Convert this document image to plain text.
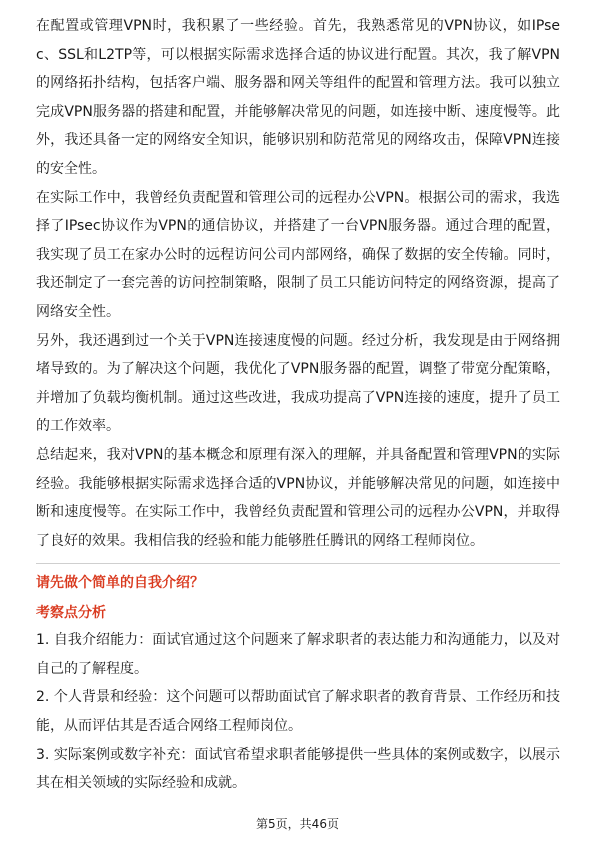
在配置或管理VPN时，我积累了一些经验。首先，我熟悉常见的VPN协议，如IPsec、SSL和L2TP等，可以根据实际需求选择合适的协议进行配置。其次，我了解VPN的网络拓扑结构，包括客户端、服务器和网关等组件的配置和管理方法。我可以独立完成VPN服务器的搭建和配置，并能够解决常见的问题，如连接中断、速度慢等。此外，我还具备一定的网络安全知识，能够识别和防范常见的网络攻击，保障VPN连接的安全性。

在实际工作中，我曾经负责配置和管理公司的远程办公VPN。根据公司的需求，我选择了IPsec协议作为VPN的通信协议，并搭建了一台VPN服务器。通过合理的配置，我实现了员工在家办公时的远程访问公司内部网络，确保了数据的安全传输。同时，我还制定了一套完善的访问控制策略，限制了员工只能访问特定的网络资源，提高了网络安全性。

另外，我还遇到过一个关于VPN连接速度慢的问题。经过分析，我发现是由于网络拥堵导致的。为了解决这个问题，我优化了VPN服务器的配置，调整了带宽分配策略，并增加了负载均衡机制。通过这些改进，我成功提高了VPN连接的速度，提升了员工的工作效率。

总结起来，我对VPN的基本概念和原理有深入的理解，并具备配置和管理VPN的实际经验。我能够根据实际需求选择合适的VPN协议，并能够解决常见的问题，如连接中断和速度慢等。在实际工作中，我曾经负责配置和管理公司的远程办公VPN，并取得了良好的效果。我相信我的经验和能力能够胜任腾讯的网络工程师岗位。

请先做个简单的自我介绍？

考察点分析

1. 自我介绍能力：面试官通过这个问题来了解求职者的表达能力和沟通能力，以及对自己的了解程度。

2. 个人背景和经验：这个问题可以帮助面试官了解求职者的教育背景、工作经历和技能，从而评估其是否适合网络工程师岗位。

3. 实际案例或数字补充：面试官希望求职者能够提供一些具体的案例或数字，以展示其在相关领域的实际经验和成就。

第5页，共46页
